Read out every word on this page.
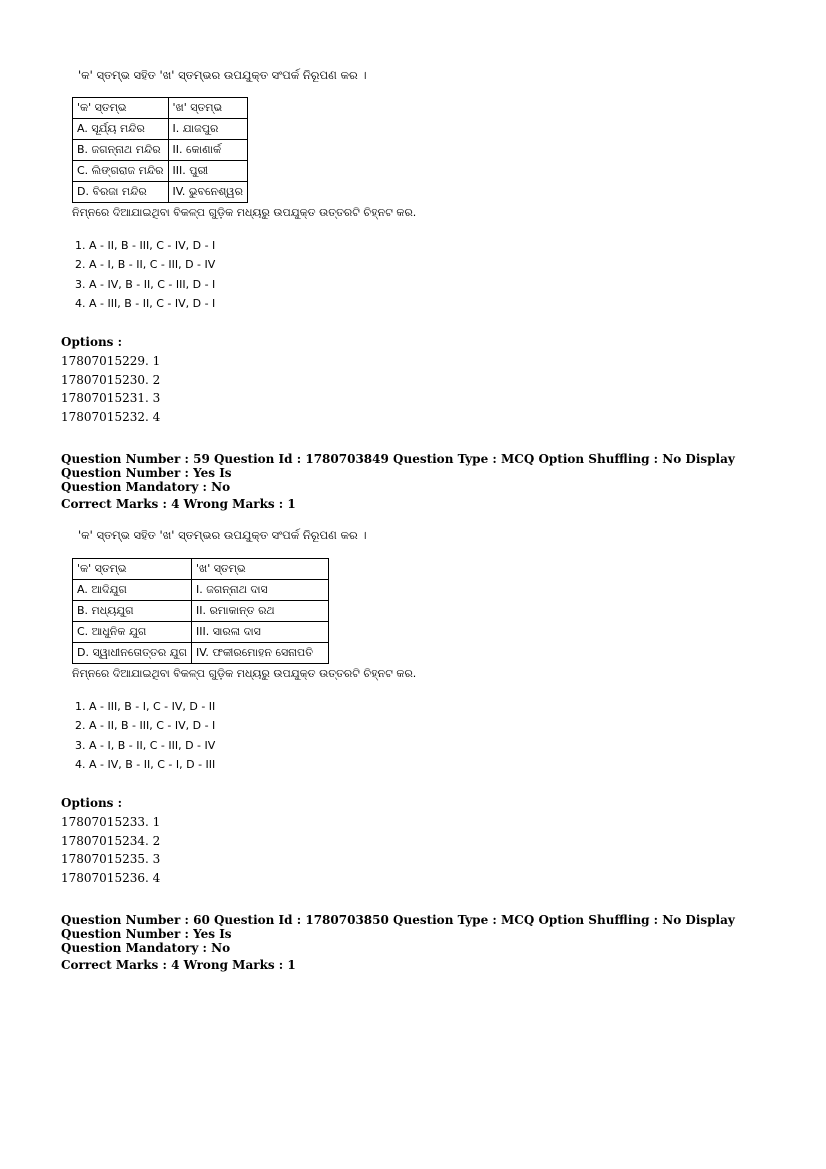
'କ' ସ୍ତମ୍ଭ ସହିତ 'ଖ' ସ୍ତମ୍ଭର ଉପଯୁକ୍ତ ସଂପର୍କ ନିରୂପଣ କର ।
'କ' ସ୍ତମ୍ଭ	'ଖ' ସ୍ତମ୍ଭ
A. ସୂର୍ଯ୍ୟ ମନ୍ଦିର	I. ଯାଜପୁର
B. ଜଗନ୍ନାଥ ମନ୍ଦିର	II. କୋଣାର୍କ
C. ଲିଙ୍ଗରାଜ ମନ୍ଦିର	III. ପୁରୀ
D. ବିରଜା ମନ୍ଦିର	IV. ଭୁବନେଶ୍ୱର
ନିମ୍ନରେ ଦିଆଯାଇଥିବା ବିକଳ୍ପ ଗୁଡ଼ିକ ମଧ୍ୟରୁ ଉପଯୁକ୍ତ ଉତ୍ତରଟି ଚିହ୍ନଟ କର.
1. A - II, B - III, C - IV, D - I
2. A - I, B - II, C - III, D - IV
3. A - IV, B - II, C - III, D - I
4. A - III, B - II, C - IV, D - I
Options :
17807015229. 1
17807015230. 2
17807015231. 3
17807015232. 4
Question Number : 59 Question Id : 1780703849 Question Type : MCQ Option Shuffling : No Display Question Number : Yes Is
Question Mandatory : No
Correct Marks : 4 Wrong Marks : 1
'କ' ସ୍ତମ୍ଭ ସହିତ 'ଖ' ସ୍ତମ୍ଭର ଉପଯୁକ୍ତ ସଂପର୍କ ନିରୂପଣ କର ।
'କ' ସ୍ତମ୍ଭ	'ଖ' ସ୍ତମ୍ଭ
A. ଆଦିଯୁଗ	I. ଜଗନ୍ନାଥ ଦାସ
B. ମଧ୍ୟଯୁଗ	II. ରମାକାନ୍ତ ରଥ
C. ଆଧୁନିକ ଯୁଗ	III. ସାରଳା ଦାସ
D. ସ୍ୱାଧୀନତୋତ୍ତର ଯୁଗ	IV. ଫକୀରମୋହନ ସେନାପତି
ନିମ୍ନରେ ଦିଆଯାଇଥିବା ବିକଳ୍ପ ଗୁଡ଼ିକ ମଧ୍ୟରୁ ଉପଯୁକ୍ତ ଉତ୍ତରଟି ଚିହ୍ନଟ କର.
1. A - III, B - I, C - IV, D - II
2. A - II, B - III, C - IV, D - I
3. A - I, B - II, C - III, D - IV
4. A - IV, B - II, C - I, D - III
Options :
17807015233. 1
17807015234. 2
17807015235. 3
17807015236. 4
Question Number : 60 Question Id : 1780703850 Question Type : MCQ Option Shuffling : No Display Question Number : Yes Is
Question Mandatory : No
Correct Marks : 4 Wrong Marks : 1
